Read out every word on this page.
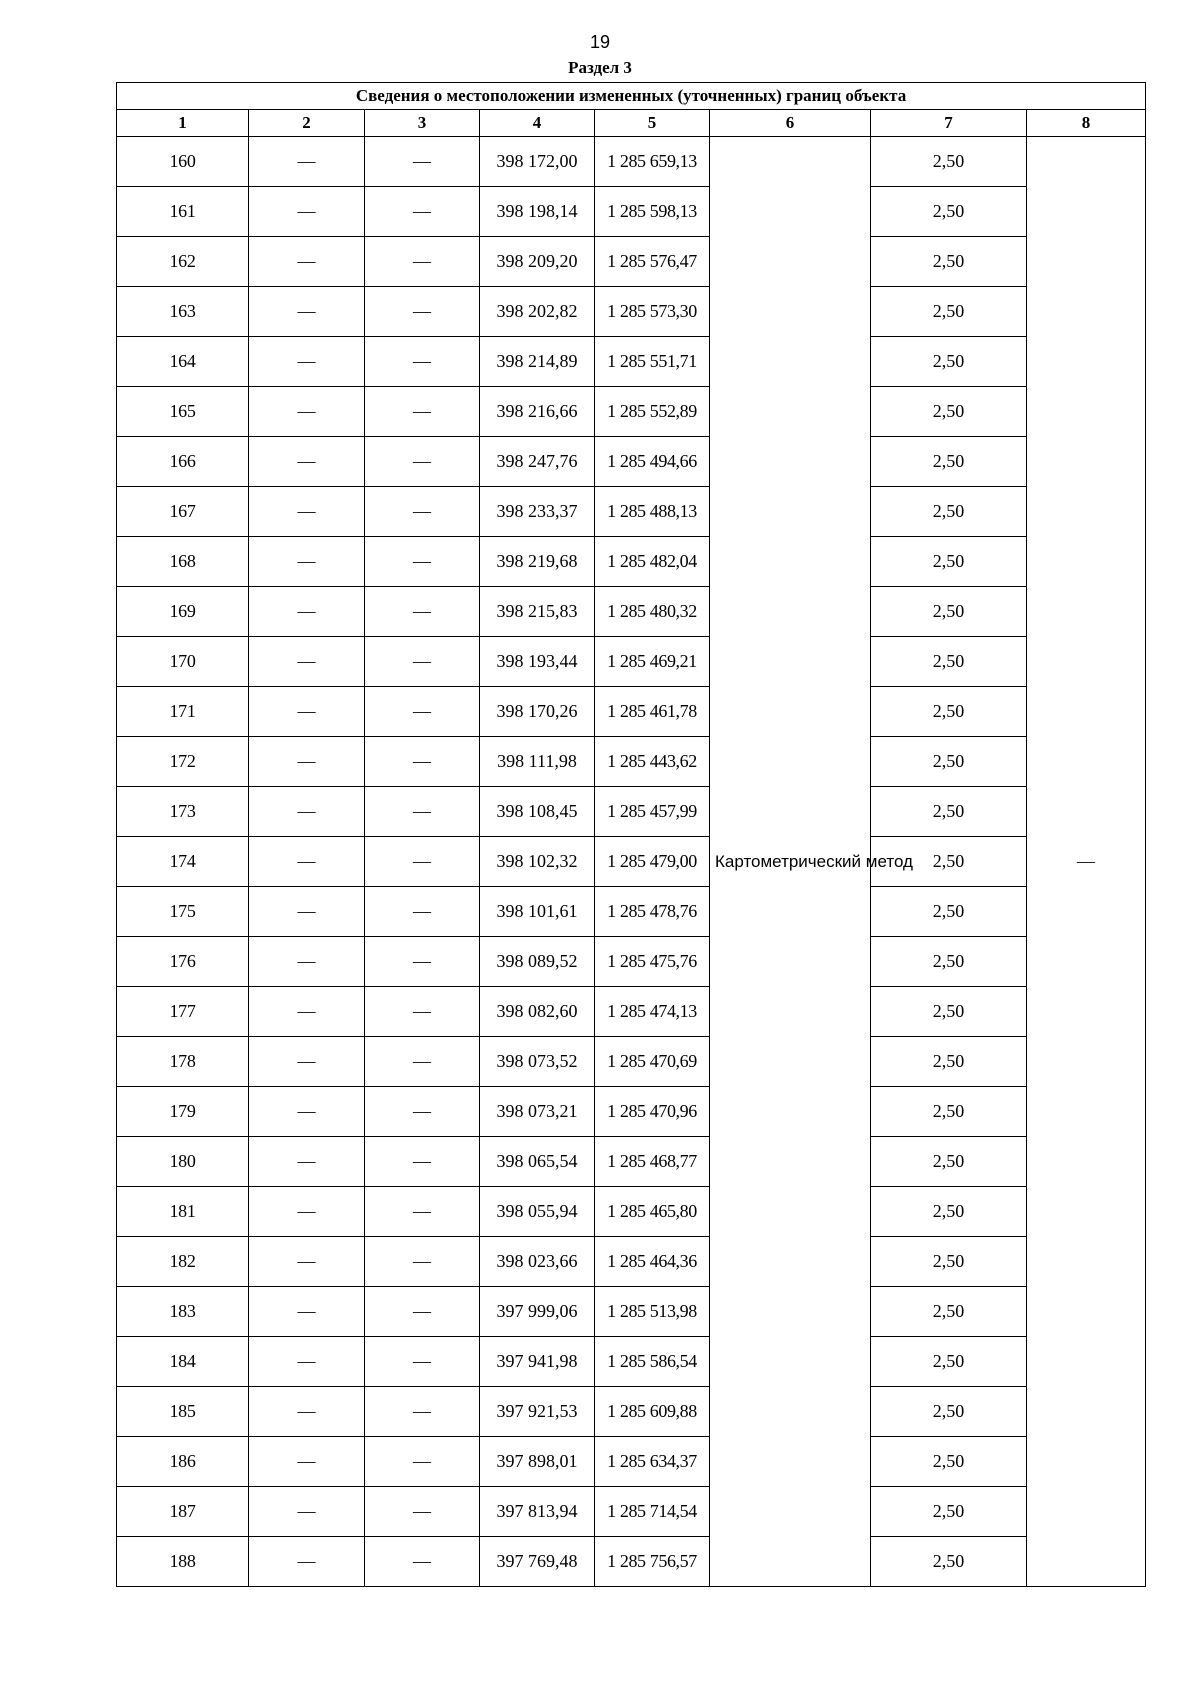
19
Раздел 3
Сведения о местоположении измененных (уточненных) границ объекта							
1	2	3	4	5	6	7	8
160	—	—	398 172,00	1 285 659,13	Картометрический метод	2,50	—
161	—	—	398 198,14	1 285 598,13		2,50	
162	—	—	398 209,20	1 285 576,47		2,50	
163	—	—	398 202,82	1 285 573,30		2,50	
164	—	—	398 214,89	1 285 551,71		2,50	
165	—	—	398 216,66	1 285 552,89		2,50	
166	—	—	398 247,76	1 285 494,66		2,50	
167	—	—	398 233,37	1 285 488,13		2,50	
168	—	—	398 219,68	1 285 482,04		2,50	
169	—	—	398 215,83	1 285 480,32		2,50	
170	—	—	398 193,44	1 285 469,21		2,50	
171	—	—	398 170,26	1 285 461,78		2,50	
172	—	—	398 111,98	1 285 443,62		2,50	
173	—	—	398 108,45	1 285 457,99		2,50	
174	—	—	398 102,32	1 285 479,00		2,50	
175	—	—	398 101,61	1 285 478,76		2,50	
176	—	—	398 089,52	1 285 475,76		2,50	
177	—	—	398 082,60	1 285 474,13		2,50	
178	—	—	398 073,52	1 285 470,69		2,50	
179	—	—	398 073,21	1 285 470,96		2,50	
180	—	—	398 065,54	1 285 468,77		2,50	
181	—	—	398 055,94	1 285 465,80		2,50	
182	—	—	398 023,66	1 285 464,36		2,50	
183	—	—	397 999,06	1 285 513,98		2,50	
184	—	—	397 941,98	1 285 586,54		2,50	
185	—	—	397 921,53	1 285 609,88		2,50	
186	—	—	397 898,01	1 285 634,37		2,50	
187	—	—	397 813,94	1 285 714,54		2,50	
188	—	—	397 769,48	1 285 756,57		2,50	
